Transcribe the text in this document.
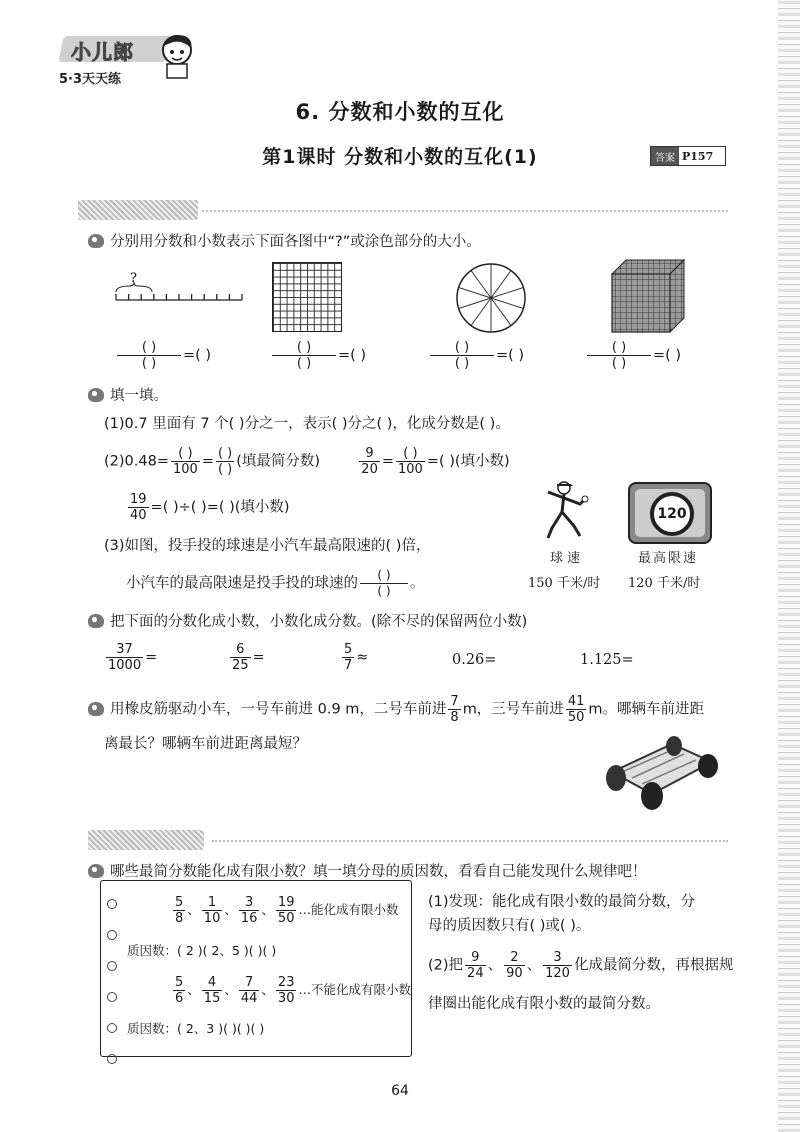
小儿郎
5·3天天练
6. 分数和小数的互化
第1课时 分数和小数的互化(1)	答案 P157
分别用分数和小数表示下面各图中“?”或涂色部分的大小。
?
$\frac{( )}{( )}$ =( )	$\frac{( )}{( )}$ =( )	$\frac{( )}{( )}$ =( )	$\frac{( )}{( )}$ =( )
填一填。
(1)0.7 里面有 7 个( )分之一，表示( )分之( )，化成分数是( )。
$(2)0.48= \frac{( )}{100} = \frac{( )}{( )}$ (填最简分数)	$\frac{9}{20} = \frac{( )}{100}$ =( )(填小数)
$\frac{19}{40}$ =( )÷( )=( )(填小数)
(3)如图，投手投的球速是小汽车最高限速的( )倍，
小汽车的最高限速是投手投的球速的 $\frac{( )}{( )}$ 。
120
球速	最高限速
150 千米/时 120 千米/时
把下面的分数化成小数，小数化成分数。(除不尽的保留两位小数)
$\frac{37}{1000}$ =	$\frac{6}{25}$ =	$\frac{5}{7}$ ≈	0.26=	1.125=
用橡皮筋驱动小车，一号车前进 0.9 m，二号车前进 $\frac{7}{8}$ m，三号车前进 $\frac{41}{50}$ m。哪辆车前进距
离最长？哪辆车前进距离最短？
哪些最简分数能化成有限小数？填一填分母的质因数，看看自己能发现什么规律吧！
$\frac{5}{8}$ 、 $\frac{1}{10}$ 、 $\frac{3}{16}$ 、 $\frac{19}{50}$ …能化成有限小数
质因数：( 2 )( 2、5 )( )( )
$\frac{5}{6}$ 、 $\frac{4}{15}$ 、 $\frac{7}{44}$ 、 $\frac{23}{30}$ …不能化成有限小数
质因数：( 2、3 )( )( )( )
(1)发现：能化成有限小数的最简分数，分
母的质因数只有( )或( )。
(2)把 $\frac{9}{24}$ 、 $\frac{2}{90}$ 、 $\frac{3}{120}$ 化成最简分数，再根据规
律圈出能化成有限小数的最简分数。
64
